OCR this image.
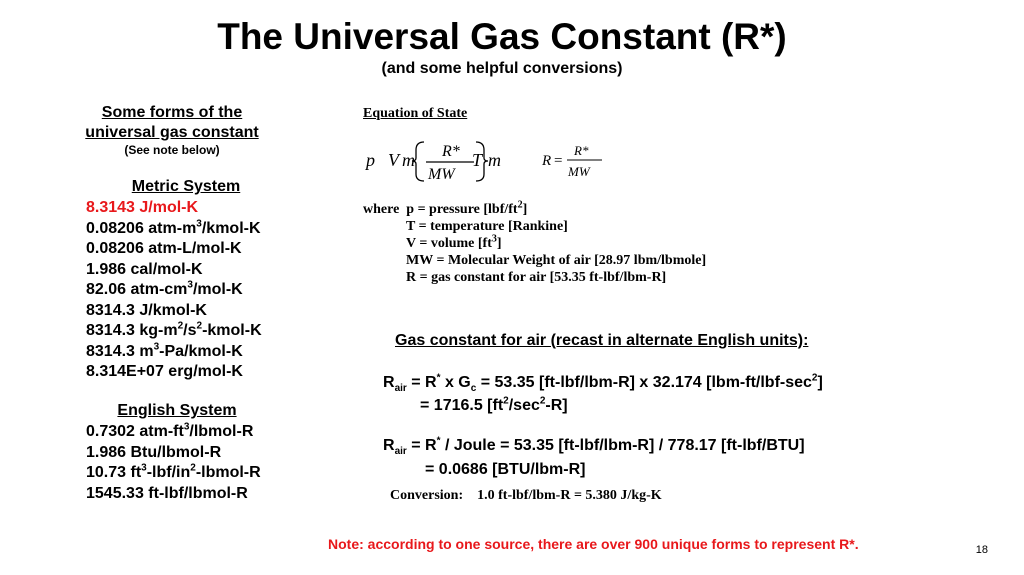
The Universal Gas Constant (R*)
(and some helpful conversions)
Some forms of the
universal gas constant
(See note below)
Metric System
8.3143 J/mol-K
0.08206 atm-$m^3/kmol-K$
0.08206 atm-L/mol-K
1.986 cal/mol-K
82.06 atm-$cm^3/mol-K$
8314.3 J/kmol-K
8314.3 $kg-m^2/s^2-kmol-K$
8314.3 $m^3-Pa/kmol-K$
8.314E+07 erg/mol-K
English System
0.7302 atm-$ft^3/lbmol-R$
1.986 Btu/lbmol-R
10.73 $ft^3-lbf/in^2-lbmol-R$
1545.33 ft-lbf/lbmol-R
Equation of State
p V m R*
MW
T m	R =
R*
MW
where p = pressure $[lbf/ft^2]$
T = temperature [Rankine]
V = volume $[ft^3]$
MW = Molecular Weight of air [28.97 lbm/lbmole]
R = gas constant for air [53.35 ft-lbf/lbm-R]
Gas constant for air (recast in alternate English units):
$R_{air} = R^*$ x $G_c = 53.35$ [ft-lbf/lbm-R] x 32.174 $[lbm-ft/lbf-\sec^2]$
= 1716.5 $[ft^2/\sec^2-R]$
$R_{air} = R^*$ / Joule = 53.35 [ft-lbf/lbm-R] / 778.17 [ft-lbf/BTU]
= 0.0686 [BTU/lbm-R]
Conversion: 1.0 ft-lbf/lbm-R = 5.380 J/kg-K
Note: according to one source, there are over 900 unique forms to represent R*.	18
